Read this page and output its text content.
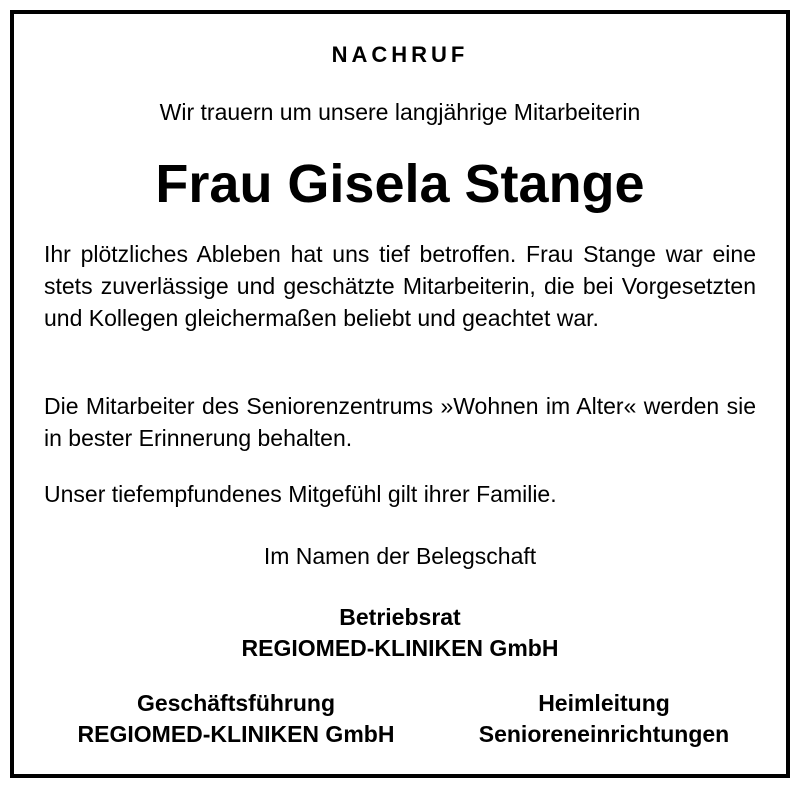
NACHRUF
Wir trauern um unsere langjährige Mitarbeiterin
Frau Gisela Stange
Ihr plötzliches Ableben hat uns tief betroffen. Frau Stange war eine stets zuverlässige und geschätzte Mitarbeiterin, die bei Vorgesetzten und Kollegen gleichermaßen beliebt und geachtet war.
Die Mitarbeiter des Seniorenzentrums »Wohnen im Alter« werden sie in bester Erinnerung behalten.
Unser tiefempfundenes Mitgefühl gilt ihrer Familie.
Im Namen der Belegschaft
Betriebsrat
REGIOMED-KLINIKEN GmbH
Geschäftsführung
REGIOMED-KLINIKEN GmbH
Heimleitung
Senioreneinrichtungen
